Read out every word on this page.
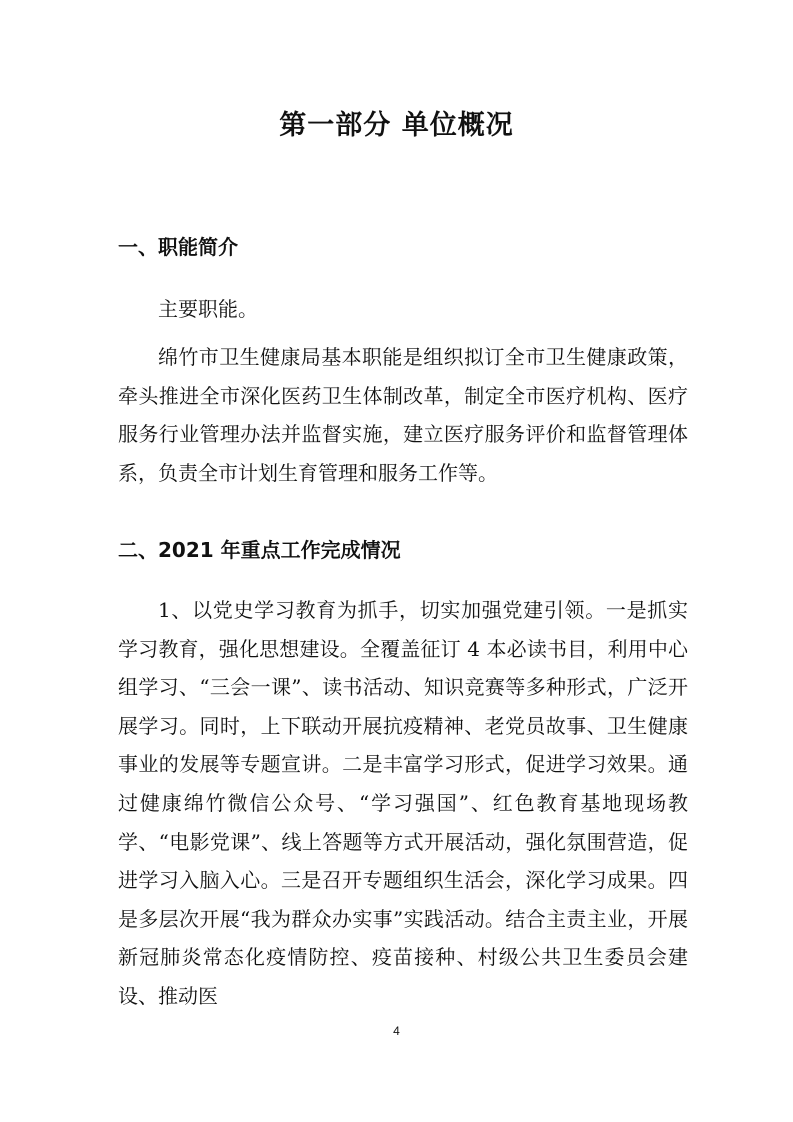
第一部分 单位概况
一、职能简介

主要职能。

绵竹市卫生健康局基本职能是组织拟订全市卫生健康政策，牵头推进全市深化医药卫生体制改革，制定全市医疗机构、医疗服务行业管理办法并监督实施，建立医疗服务评价和监督管理体系，负责全市计划生育管理和服务工作等。

二、2021 年重点工作完成情况

1、以党史学习教育为抓手，切实加强党建引领。一是抓实学习教育，强化思想建设。全覆盖征订 4 本必读书目，利用中心组学习、“三会一课”、读书活动、知识竞赛等多种形式，广泛开展学习。同时，上下联动开展抗疫精神、老党员故事、卫生健康事业的发展等专题宣讲。二是丰富学习形式，促进学习效果。通过健康绵竹微信公众号、“学习强国”、红色教育基地现场教学、“电影党课”、线上答题等方式开展活动，强化氛围营造，促进学习入脑入心。三是召开专题组织生活会，深化学习成果。四是多层次开展“我为群众办实事”实践活动。结合主责主业，开展新冠肺炎常态化疫情防控、疫苗接种、村级公共卫生委员会建设、推动医

4
